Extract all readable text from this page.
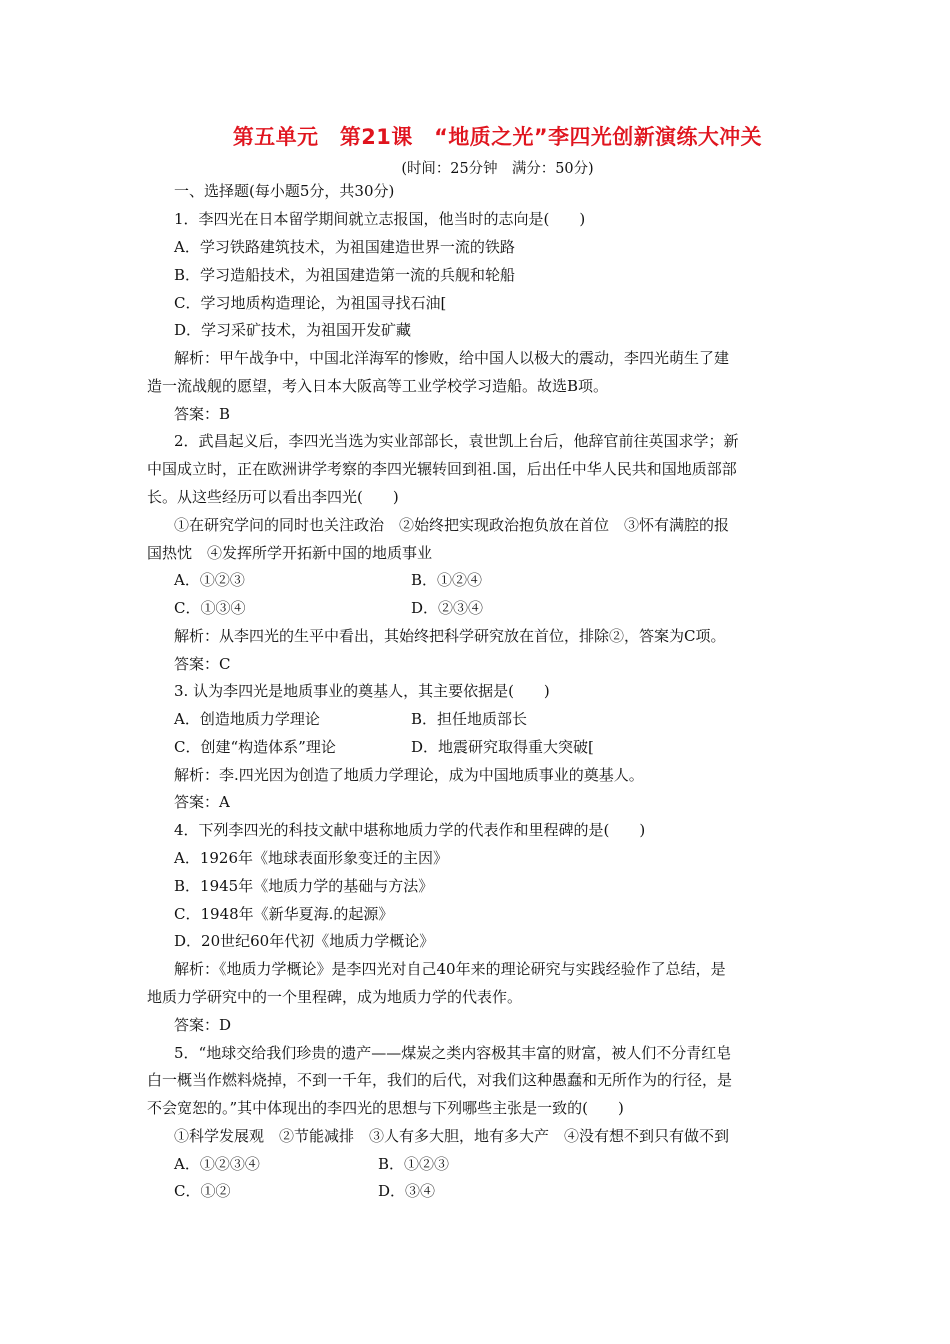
第五单元　第21课　“地质之光”李四光创新演练大冲关
(时间：25分钟　满分：50分)
一、选择题(每小题5分，共30分)
1．李四光在日本留学期间就立志报国，他当时的志向是(　　)
A．学习铁路建筑技术，为祖国建造世界一流的铁路
B．学习造船技术，为祖国建造第一流的兵舰和轮船
C．学习地质构造理论，为祖国寻找石油[
D．学习采矿技术，为祖国开发矿藏
解析：甲午战争中，中国北洋海军的惨败，给中国人以极大的震动，李四光萌生了建
造一流战舰的愿望，考入日本大阪高等工业学校学习造船。故选B项。
答案：B
2．武昌起义后，李四光当选为实业部部长，袁世凯上台后，他辞官前往英国求学；新
中国成立时，正在欧洲讲学考察的李四光辗转回到祖.国，后出任中华人民共和国地质部部
长。从这些经历可以看出李四光(　　)
①在研究学问的同时也关注政治　②始终把实现政治抱负放在首位　③怀有满腔的报
国热忱　④发挥所学开拓新中国的地质事业
A．①②③	B．①②④
C．①③④	D．②③④
解析：从李四光的生平中看出，其始终把科学研究放在首位，排除②，答案为C项。
答案：C
3. 认为李四光是地质事业的奠基人，其主要依据是(　　)
A．创造地质力学理论	B．担任地质部长
C．创建“构造体系”理论	D．地震研究取得重大突破[
解析：李.四光因为创造了地质力学理论，成为中国地质事业的奠基人。
答案：A
4．下列李四光的科技文献中堪称地质力学的代表作和里程碑的是(　　)
A．1926年《地球表面形象变迁的主因》
B．1945年《地质力学的基础与方法》
C．1948年《新华夏海.的起源》
D．20世纪60年代初《地质力学概论》
解析：《地质力学概论》是李四光对自己40年来的理论研究与实践经验作了总结，是
地质力学研究中的一个里程碑，成为地质力学的代表作。
答案：D
5．“地球交给我们珍贵的遗产——煤炭之类内容极其丰富的财富，被人们不分青红皂
白一概当作燃料烧掉，不到一千年，我们的后代，对我们这种愚蠢和无所作为的行径，是
不会宽恕的。”其中体现出的李四光的思想与下列哪些主张是一致的(　　)
①科学发展观　②节能减排　③人有多大胆，地有多大产　④没有想不到只有做不到
A．①②③④	B．①②③
C．①②	D．③④
